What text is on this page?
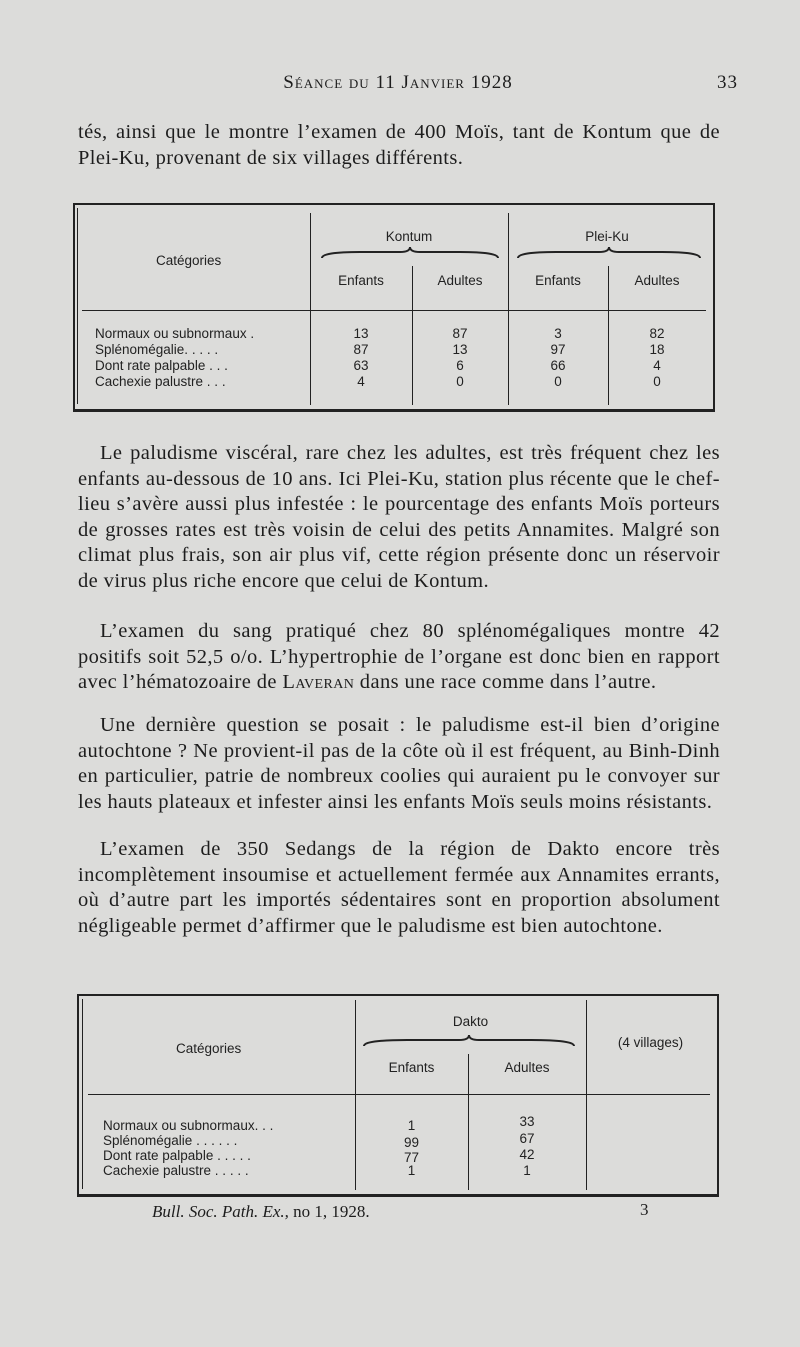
Séance du 11 Janvier 1928	33

tés, ainsi que le montre l’examen de 400 Moïs, tant de Kontum que de Plei-Ku, provenant de six villages différents.

Catégories
Kontum	Plei-Ku
Enfants	Adultes	Enfants	Adultes
Normaux ou subnormaux .	13	87	3	82
Splénomégalie. . . . .	87	13	97	18
Dont rate palpable . . .	63	6	66	4
Cachexie palustre . . .	4	0	0	0

Le paludisme viscéral, rare chez les adultes, est très fréquent chez les enfants au-dessous de 10 ans. Ici Plei-Ku, station plus récente que le chef-lieu s’avère aussi plus infestée : le pourcentage des enfants Moïs porteurs de grosses rates est très voisin de celui des petits Annamites. Malgré son climat plus frais, son air plus vif, cette région présente donc un réservoir de virus plus riche encore que celui de Kontum.

L’examen du sang pratiqué chez 80 splénomégaliques montre 42 positifs soit 52,5 o/o. L’hypertrophie de l’organe est donc bien en rapport avec l’hématozoaire de Laveran dans une race comme dans l’autre.

Une dernière question se posait : le paludisme est-il bien d’origine autochtone ? Ne provient-il pas de la côte où il est fréquent, au Binh-Dinh en particulier, patrie de nombreux coolies qui auraient pu le convoyer sur les hauts plateaux et infester ainsi les enfants Moïs seuls moins résistants.

L’examen de 350 Sedangs de la région de Dakto encore très incomplètement insoumise et actuellement fermée aux Annamites errants, où d’autre part les importés sédentaires sont en proportion absolument négligeable permet d’affirmer que le paludisme est bien autochtone.

Catégories
Dakto
(4 villages)
Enfants	Adultes
Normaux ou subnormaux. . .	1	33
Splénomégalie . . . . . .	99	67
Dont rate palpable . . . . .	77	42
Cachexie palustre . . . . .	1	1
Bull. Soc. Path. Ex., no 1, 1928.	3
